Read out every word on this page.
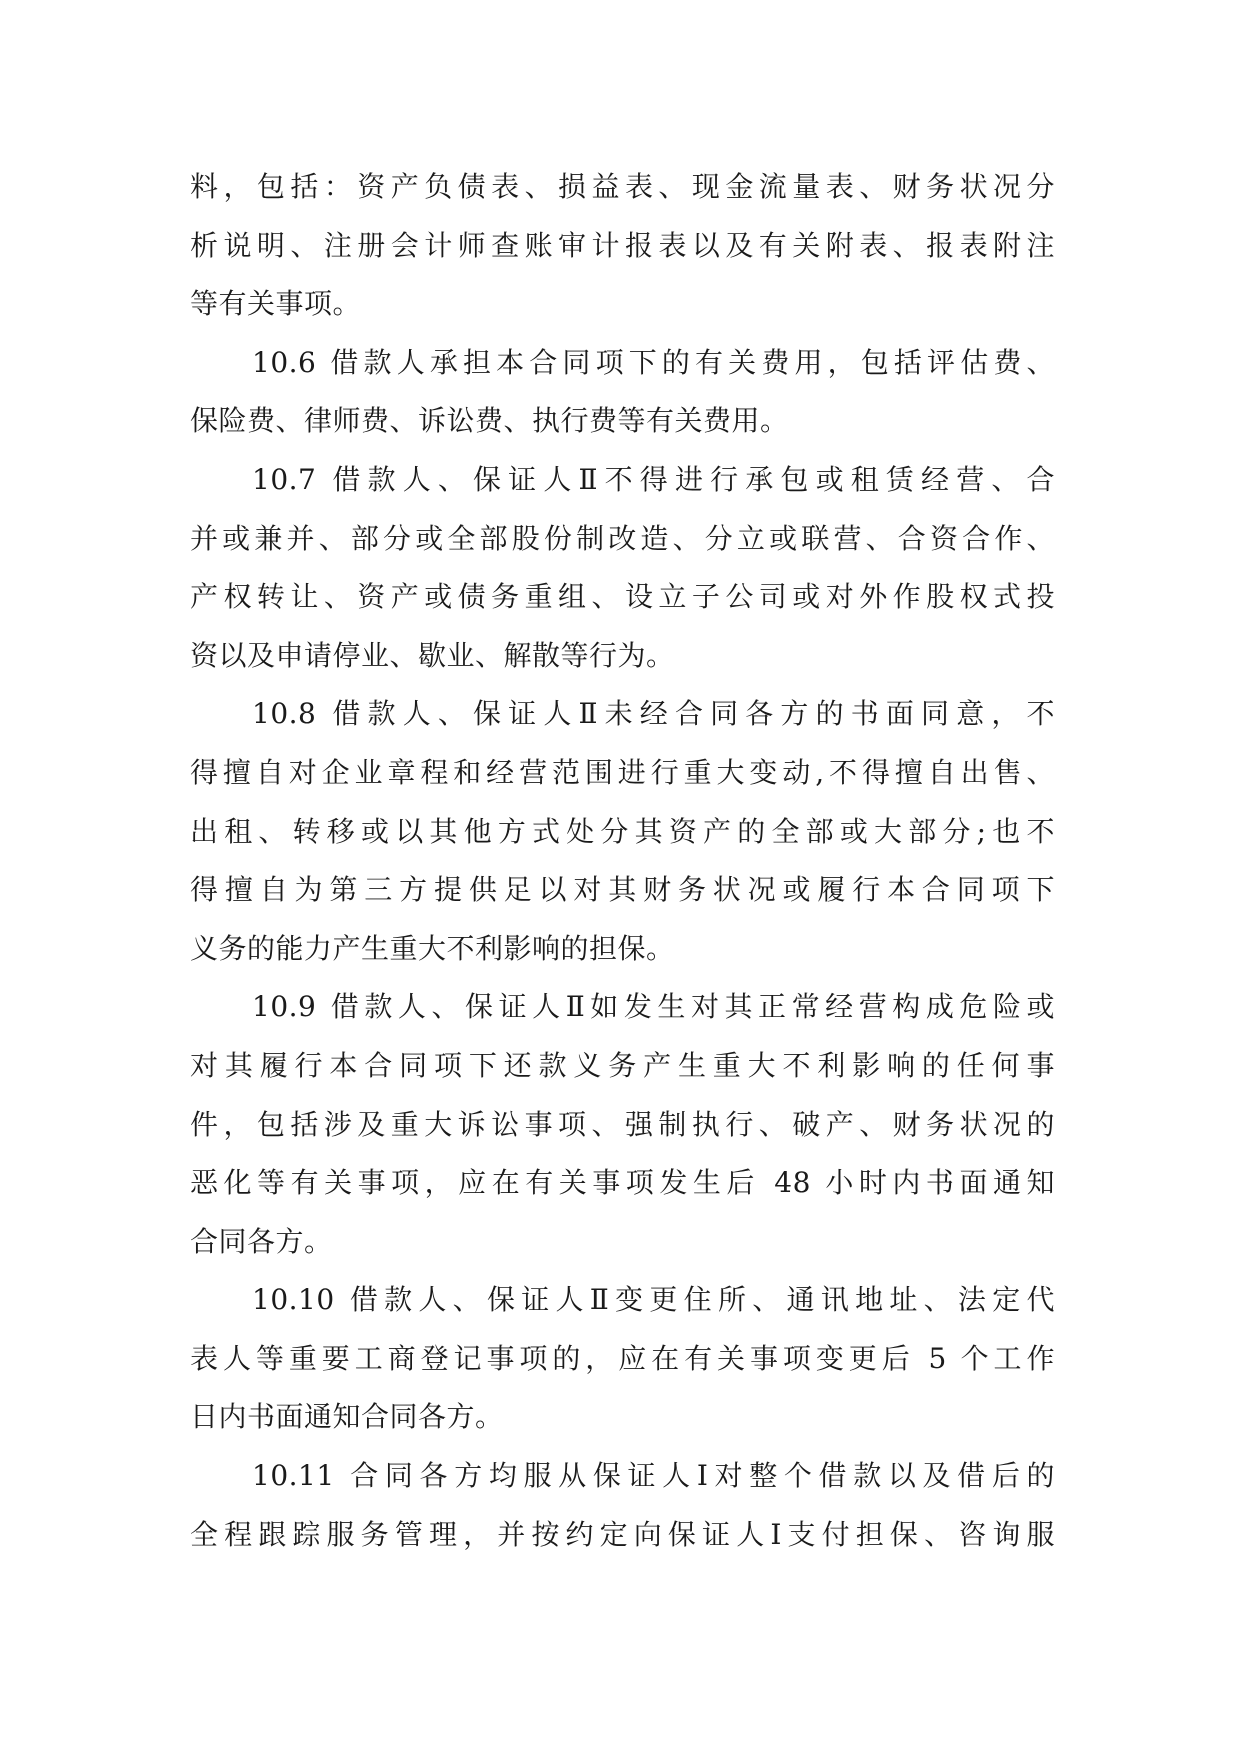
料，包括：资产负债表、损益表、现金流量表、财务状况分
析说明、注册会计师查账审计报表以及有关附表、报表附注
等有关事项。
10.6 借款人承担本合同项下的有关费用，包括评估费、
保险费、律师费、诉讼费、执行费等有关费用。
10.7 借款人、保证人Ⅱ不得进行承包或租赁经营、合
并或兼并、部分或全部股份制改造、分立或联营、合资合作、
产权转让、资产或债务重组、设立子公司或对外作股权式投
资以及申请停业、歇业、解散等行为。
10.8 借款人、保证人Ⅱ未经合同各方的书面同意，不
得擅自对企业章程和经营范围进行重大变动,不得擅自出售、
出租、转移或以其他方式处分其资产的全部或大部分;也不
得擅自为第三方提供足以对其财务状况或履行本合同项下
义务的能力产生重大不利影响的担保。
10.9 借款人、保证人Ⅱ如发生对其正常经营构成危险或
对其履行本合同项下还款义务产生重大不利影响的任何事
件，包括涉及重大诉讼事项、强制执行、破产、财务状况的
恶化等有关事项，应在有关事项发生后 48 小时内书面通知
合同各方。
10.10 借款人、保证人Ⅱ变更住所、通讯地址、法定代
表人等重要工商登记事项的，应在有关事项变更后 5 个工作
日内书面通知合同各方。
10.11 合同各方均服从保证人Ⅰ对整个借款以及借后的
全程跟踪服务管理，并按约定向保证人Ⅰ支付担保、咨询服
